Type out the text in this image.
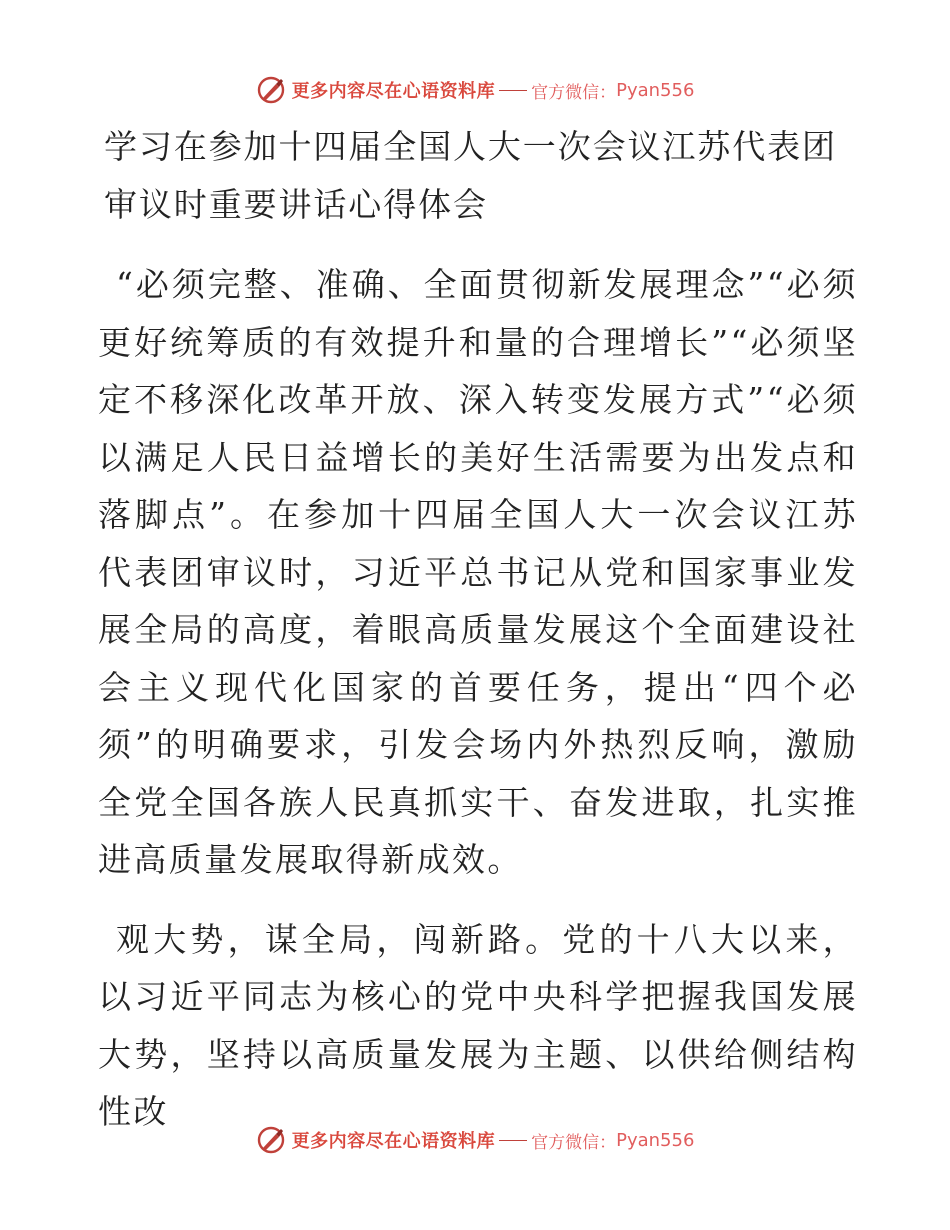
更多内容尽在心语资料库 官方微信： Pyan556
学习在参加十四届全国人大一次会议江苏代表团审议时重要讲话心得体会

“必须完整、准确、全面贯彻新发展理念”“必须更好统筹质的有效提升和量的合理增长”“必须坚定不移深化改革开放、深入转变发展方式”“必须以满足人民日益增长的美好生活需要为出发点和落脚点”。在参加十四届全国人大一次会议江苏代表团审议时，习近平总书记从党和国家事业发展全局的高度，着眼高质量发展这个全面建设社会主义现代化国家的首要任务，提出“四个必须”的明确要求，引发会场内外热烈反响，激励全党全国各族人民真抓实干、奋发进取，扎实推进高质量发展取得新成效。

观大势，谋全局，闯新路。党的十八大以来，以习近平同志为核心的党中央科学把握我国发展大势，坚持以高质量发展为主题、以供给侧结构性改

更多内容尽在心语资料库 官方微信： Pyan556
